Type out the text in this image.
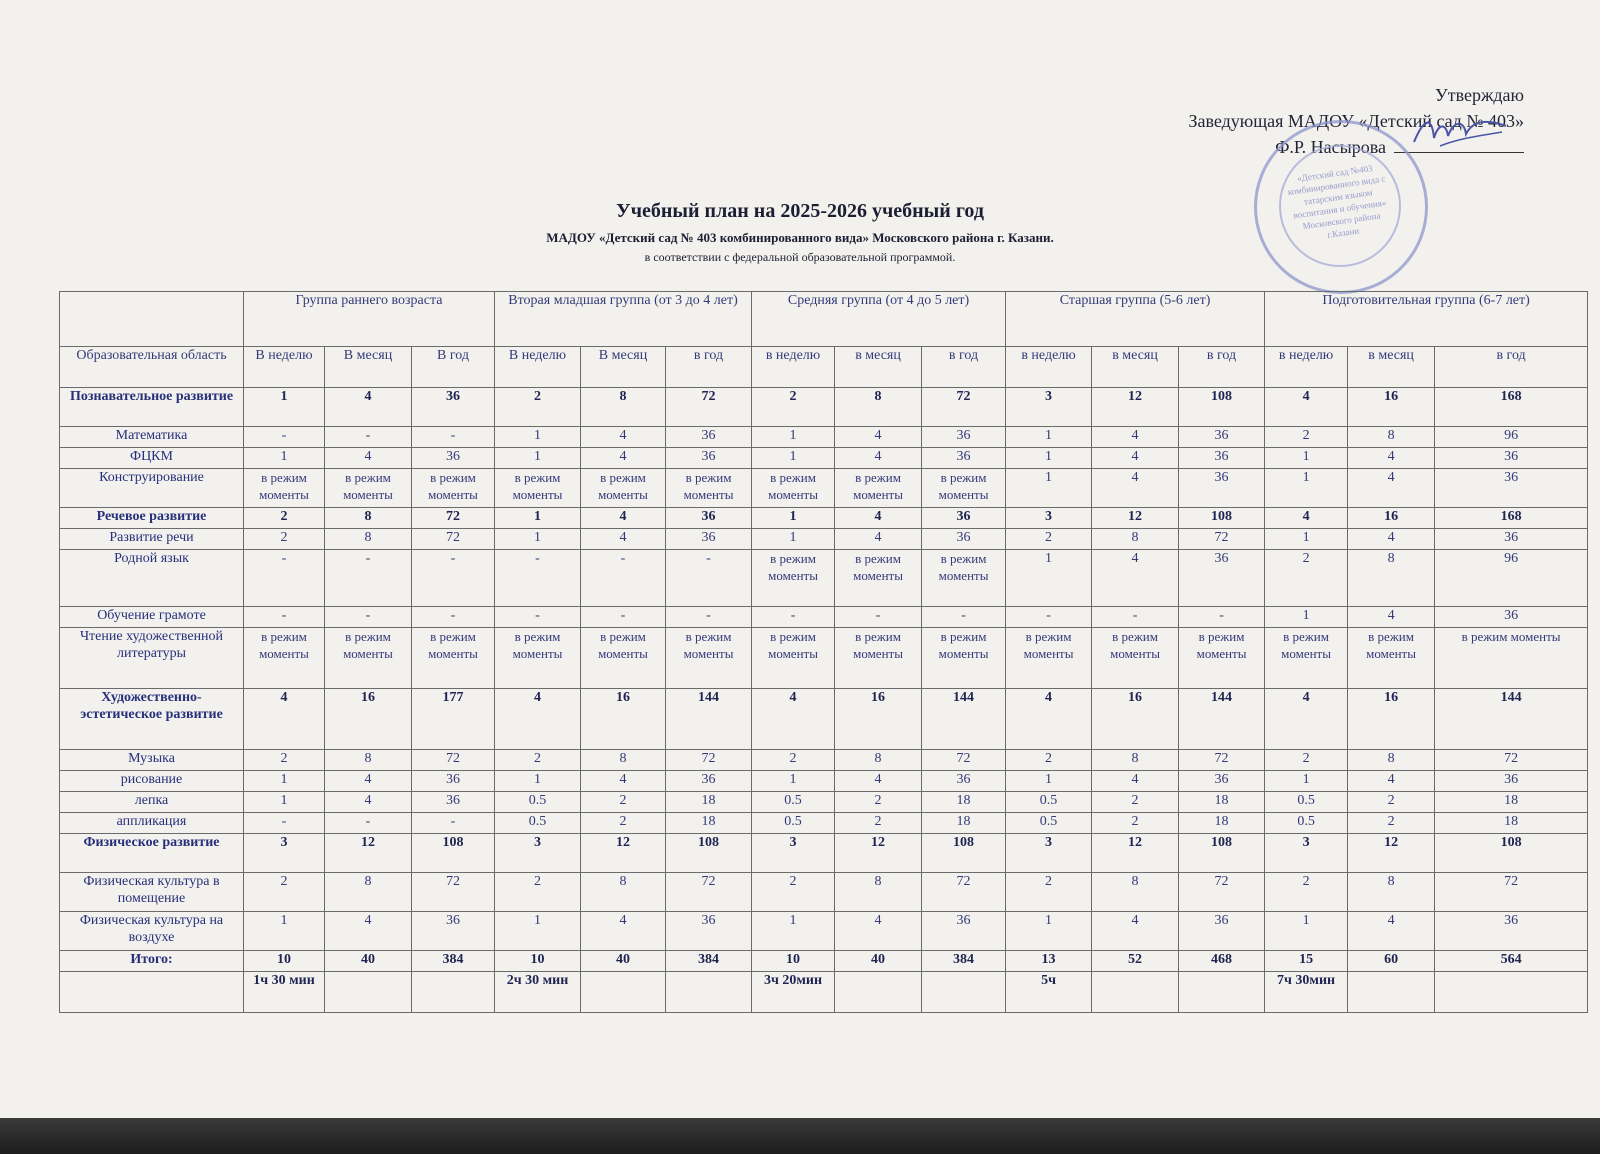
Утверждаю
Заведующая МАДОУ «Детский сад № 403»
Ф.Р. Насырова
«Детский сад №403 комбинированного вида с татарским языком воспитания и обучения» Московского района г.Казани
Учебный план на 2025-2026 учебный год
МАДОУ «Детский сад № 403 комбинированного вида» Московского района г. Казани.
в соответствии с федеральной образовательной программой.
	Группа раннего возраста			Вторая младшая группа (от 3 до 4 лет)			Средняя группа (от 4 до 5 лет)			Старшая группа (5-6 лет)			Подготовительная группа (6-7 лет)		
Образовательная область	В неделю	В месяц	В год	В неделю	В месяц	в год	в неделю	в месяц	в год	в неделю	в месяц	в год	в неделю	в месяц	в год
Познавательное развитие	1	4	36	2	8	72	2	8	72	3	12	108	4	16	168
Математика	-	-	-	1	4	36	1	4	36	1	4	36	2	8	96
ФЦКМ	1	4	36	1	4	36	1	4	36	1	4	36	1	4	36
Конструирование	в режим моменты	в режим моменты	в режим моменты	в режим моменты	в режим моменты	в режим моменты	в режим моменты	в режим моменты	в режим моменты	1	4	36	1	4	36
Речевое развитие	2	8	72	1	4	36	1	4	36	3	12	108	4	16	168
Развитие речи	2	8	72	1	4	36	1	4	36	2	8	72	1	4	36
Родной язык	-	-	-	-	-	-	в режим моменты	в режим моменты	в режим моменты	1	4	36	2	8	96
Обучение грамоте	-	-	-	-	-	-	-	-	-	-	-	-	1	4	36
Чтение художественной литературы	в режим моменты	в режим моменты	в режим моменты	в режим моменты	в режим моменты	в режим моменты	в режим моменты	в режим моменты	в режим моменты	в режим моменты	в режим моменты	в режим моменты	в режим моменты	в режим моменты	в режим моменты
Художественно-эстетическое развитие	4	16	177	4	16	144	4	16	144	4	16	144	4	16	144
Музыка	2	8	72	2	8	72	2	8	72	2	8	72	2	8	72
рисование	1	4	36	1	4	36	1	4	36	1	4	36	1	4	36
лепка	1	4	36	0.5	2	18	0.5	2	18	0.5	2	18	0.5	2	18
аппликация	-	-	-	0.5	2	18	0.5	2	18	0.5	2	18	0.5	2	18
Физическое развитие	3	12	108	3	12	108	3	12	108	3	12	108	3	12	108
Физическая культура в помещение	2	8	72	2	8	72	2	8	72	2	8	72	2	8	72
Физическая культура на воздухе	1	4	36	1	4	36	1	4	36	1	4	36	1	4	36
Итого:	10	40	384	10	40	384	10	40	384	13	52	468	15	60	564
	1ч 30 мин			2ч 30 мин			3ч 20мин			5ч			7ч 30мин		
